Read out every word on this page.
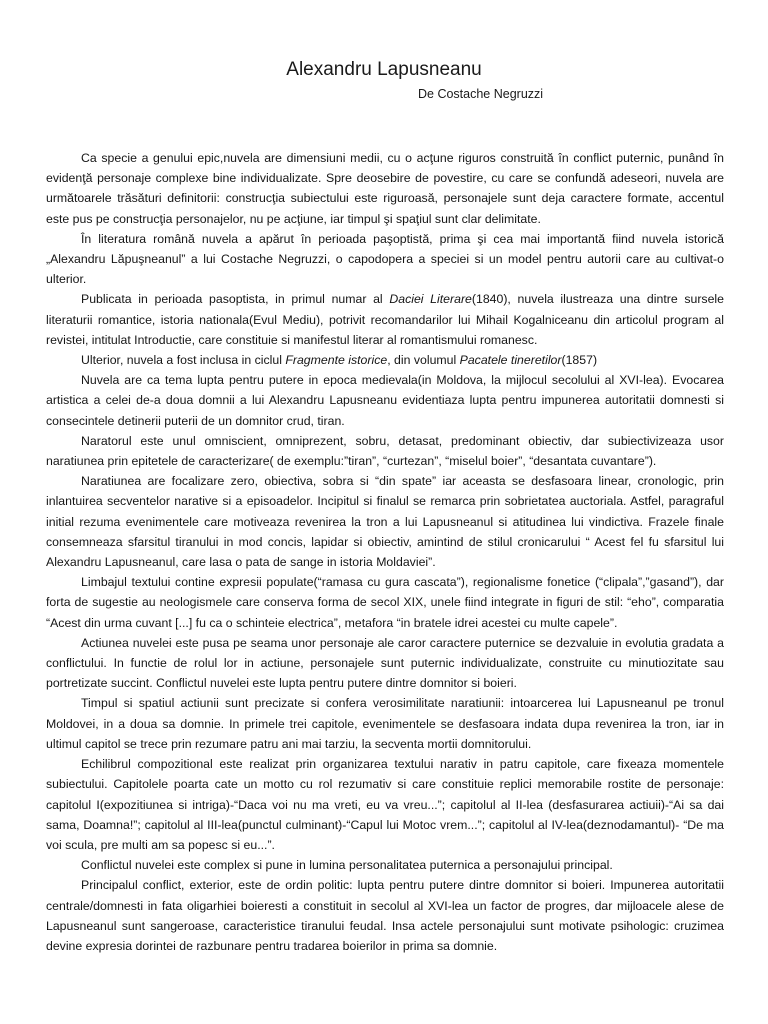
Alexandru Lapusneanu
De Costache Negruzzi

Ca specie a genului epic,nuvela are dimensiuni medii, cu o acţune riguros construită în conflict puternic, punând în evidenţă personaje complexe bine individualizate. Spre deosebire de povestire, cu care se confundă adeseori, nuvela are următoarele trăsături definitorii: construcţia subiectului este riguroasă, personajele sunt deja caractere formate, accentul este pus pe construcţia personajelor, nu pe acţiune, iar timpul şi spaţiul sunt clar delimitate.

În literatura română nuvela a apărut în perioada paşoptistă, prima şi cea mai importantă fiind nuvela istorică „Alexandru Lăpuşneanul” a lui Costache Negruzzi, o capodopera a speciei si un model pentru autorii care au cultivat-o ulterior.

Publicata in perioada pasoptista, in primul numar al Daciei Literare(1840), nuvela ilustreaza una dintre sursele literaturii romantice, istoria nationala(Evul Mediu), potrivit recomandarilor lui Mihail Kogalniceanu din articolul program al revistei, intitulat Introductie, care constituie si manifestul literar al romantismului romanesc.

Ulterior, nuvela a fost inclusa in ciclul Fragmente istorice, din volumul Pacatele tineretilor(1857)

Nuvela are ca tema lupta pentru putere in epoca medievala(in Moldova, la mijlocul secolului al XVI-lea). Evocarea artistica a celei de-a doua domnii a lui Alexandru Lapusneanu evidentiaza lupta pentru impunerea autoritatii domnesti si consecintele detinerii puterii de un domnitor crud, tiran.

Naratorul este unul omniscient, omniprezent, sobru, detasat, predominant obiectiv, dar subiectivizeaza usor naratiunea prin epitetele de caracterizare( de exemplu:”tiran”, “curtezan”, “miselul boier”, “desantata cuvantare”).

Naratiunea are focalizare zero, obiectiva, sobra si “din spate” iar aceasta se desfasoara linear, cronologic, prin inlantuirea secventelor narative si a episoadelor. Incipitul si finalul se remarca prin sobrietatea auctoriala. Astfel, paragraful initial rezuma evenimentele care motiveaza revenirea la tron a lui Lapusneanul si atitudinea lui vindictiva. Frazele finale consemneaza sfarsitul tiranului in mod concis, lapidar si obiectiv, amintind de stilul cronicarului “ Acest fel fu sfarsitul lui Alexandru Lapusneanul, care lasa o pata de sange in istoria Moldaviei”.

Limbajul textului contine expresii populate(“ramasa cu gura cascata”), regionalisme fonetice (“clipala”,”gasand”), dar forta de sugestie au neologismele care conserva forma de secol XIX, unele fiind integrate in figuri de stil: “eho”, comparatia “Acest din urma cuvant [...] fu ca o schinteie electrica”, metafora “in bratele idrei acestei cu multe capele”.

Actiunea nuvelei este pusa pe seama unor personaje ale caror caractere puternice se dezvaluie in evolutia gradata a conflictului. In functie de rolul lor in actiune, personajele sunt puternic individualizate, construite cu minutiozitate sau portretizate succint. Conflictul nuvelei este lupta pentru putere dintre domnitor si boieri.

Timpul si spatiul actiunii sunt precizate si confera verosimilitate naratiunii: intoarcerea lui Lapusneanul pe tronul Moldovei, in a doua sa domnie. In primele trei capitole, evenimentele se desfasoara indata dupa revenirea la tron, iar in ultimul capitol se trece prin rezumare patru ani mai tarziu, la secventa mortii domnitorului.

Echilibrul compozitional este realizat prin organizarea textului narativ in patru capitole, care fixeaza momentele subiectului. Capitolele poarta cate un motto cu rol rezumativ si care constituie replici memorabile rostite de personaje: capitolul I(expozitiunea si intriga)-“Daca voi nu ma vreti, eu va vreu...”; capitolul al II-lea (desfasurarea actiuii)-“Ai sa dai sama, Doamna!”; capitolul al III-lea(punctul culminant)-“Capul lui Motoc vrem...”; capitolul al IV-lea(deznodamantul)- “De ma voi scula, pre multi am sa popesc si eu...”.

Conflictul nuvelei este complex si pune in lumina personalitatea puternica a personajului principal.

Principalul conflict, exterior, este de ordin politic: lupta pentru putere dintre domnitor si boieri. Impunerea autoritatii centrale/domnesti in fata oligarhiei boieresti a constituit in secolul al XVI-lea un factor de progres, dar mijloacele alese de Lapusneanul sunt sangeroase, caracteristice tiranului feudal. Insa actele personajului sunt motivate psihologic: cruzimea devine expresia dorintei de razbunare pentru tradarea boierilor in prima sa domnie.
